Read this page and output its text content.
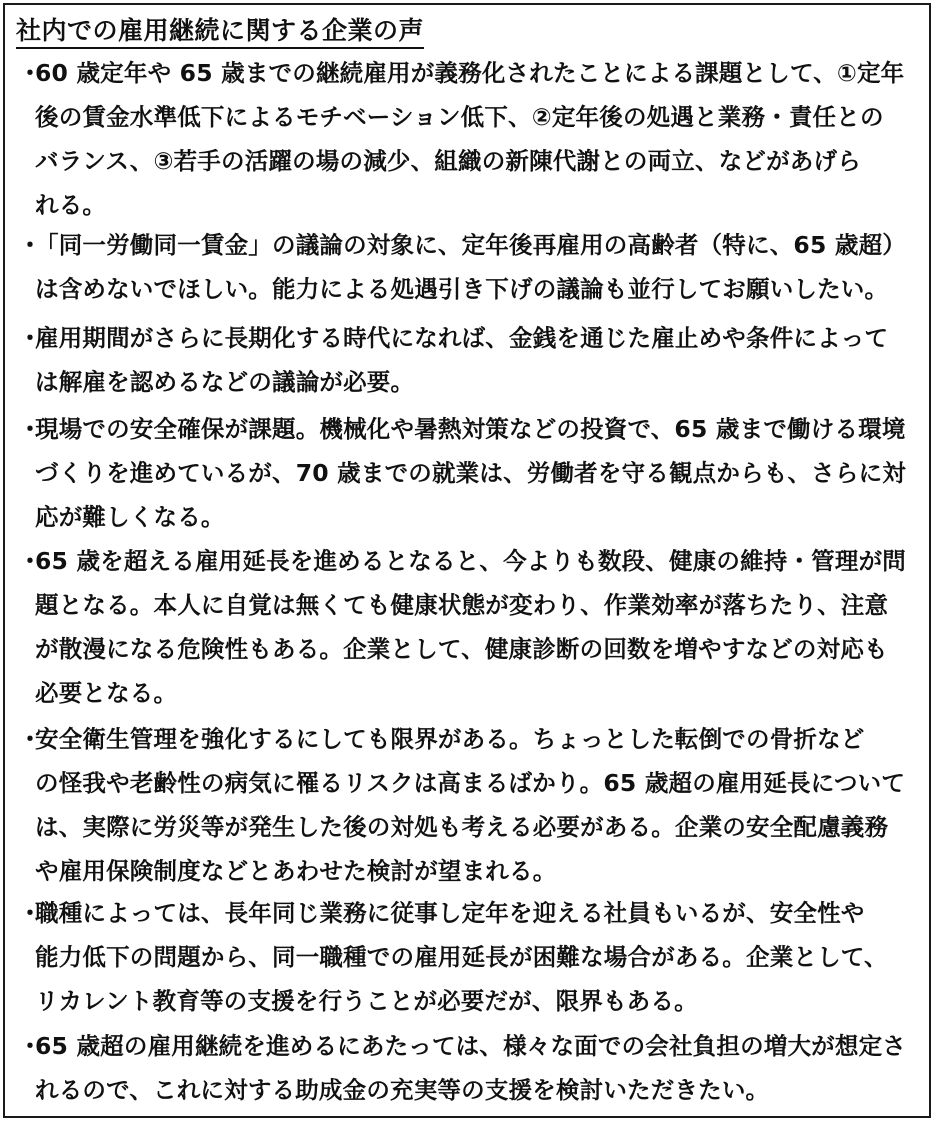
社内での雇用継続に関する企業の声
・
60 歳定年や 65 歳までの継続雇用が義務化されたことによる課題として、①定年
後の賃金水準低下によるモチベーション低下、②定年後の処遇と業務・責任との
バランス、③若手の活躍の場の減少、組織の新陳代謝との両立、などがあげら
れる。
・
「同一労働同一賃金」の議論の対象に、定年後再雇用の高齢者（特に、65 歳超）
は含めないでほしい。能力による処遇引き下げの議論も並行してお願いしたい。
・
雇用期間がさらに長期化する時代になれば、金銭を通じた雇止めや条件によって
は解雇を認めるなどの議論が必要。
・
現場での安全確保が課題。機械化や暑熱対策などの投資で、65 歳まで働ける環境
づくりを進めているが、70 歳までの就業は、労働者を守る観点からも、さらに対
応が難しくなる。
・
65 歳を超える雇用延長を進めるとなると、今よりも数段、健康の維持・管理が問
題となる。本人に自覚は無くても健康状態が変わり、作業効率が落ちたり、注意
が散漫になる危険性もある。企業として、健康診断の回数を増やすなどの対応も
必要となる。
・
安全衛生管理を強化するにしても限界がある。ちょっとした転倒での骨折など
の怪我や老齢性の病気に罹るリスクは高まるばかり。65 歳超の雇用延長について
は、実際に労災等が発生した後の対処も考える必要がある。企業の安全配慮義務
や雇用保険制度などとあわせた検討が望まれる。
・
職種によっては、長年同じ業務に従事し定年を迎える社員もいるが、安全性や
能力低下の問題から、同一職種での雇用延長が困難な場合がある。企業として、
リカレント教育等の支援を行うことが必要だが、限界もある。
・
65 歳超の雇用継続を進めるにあたっては、様々な面での会社負担の増大が想定さ
れるので、これに対する助成金の充実等の支援を検討いただきたい。
